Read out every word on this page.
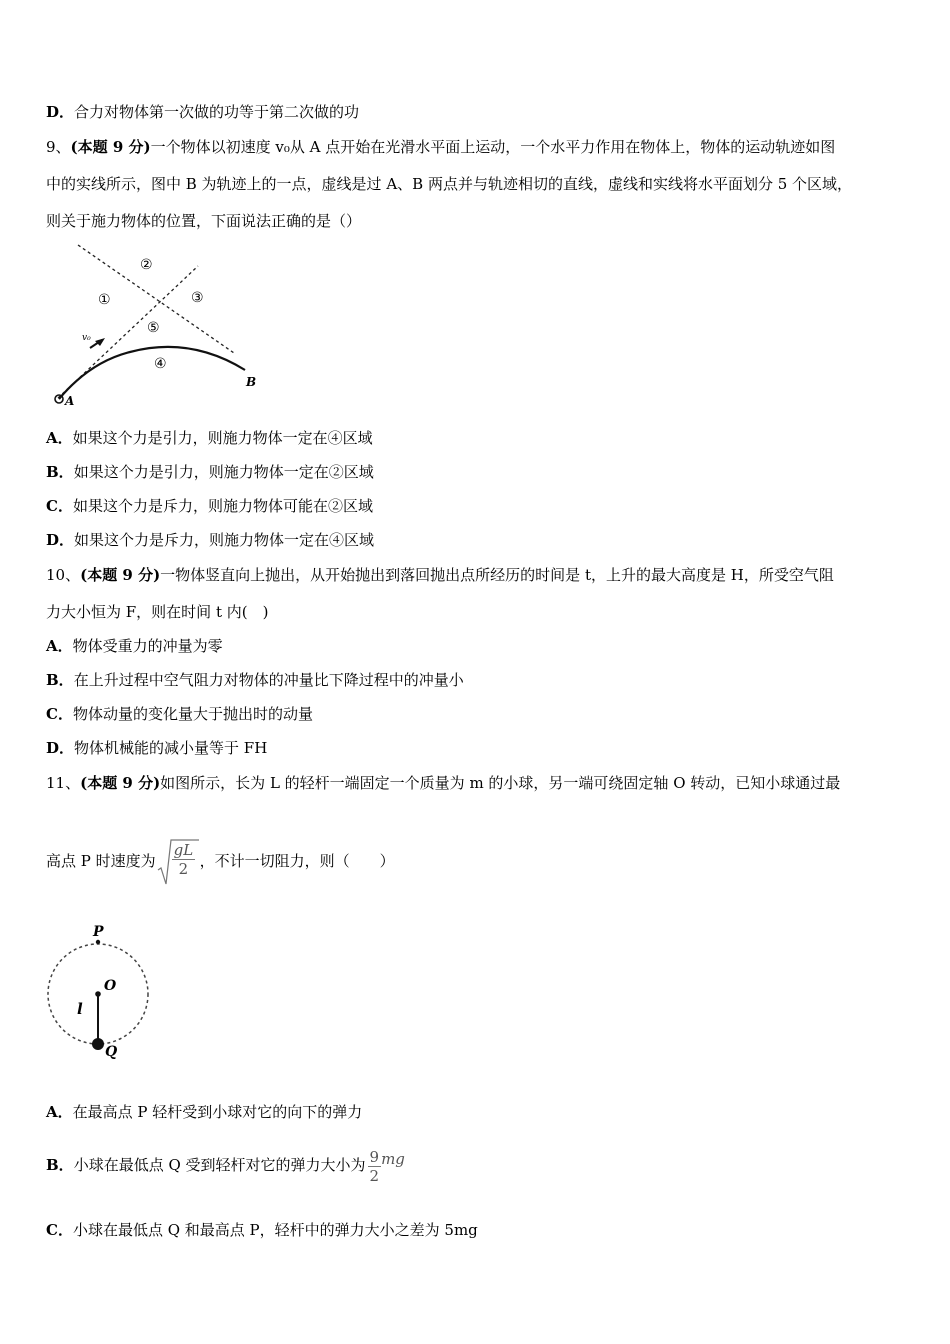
D．合力对物体第一次做的功等于第二次做的功
9、(本题 9 分)一个物体以初速度 v₀从 A 点开始在光滑水平面上运动，一个水平力作用在物体上，物体的运动轨迹如图
中的实线所示，图中 B 为轨迹上的一点，虚线是过 A、B 两点并与轨迹相切的直线，虚线和实线将水平面划分 5 个区域，
则关于施力物体的位置，下面说法正确的是（）
A
B
v₀
①
②
③
④
⑤
A．如果这个力是引力，则施力物体一定在④区域
B．如果这个力是引力，则施力物体一定在②区域
C．如果这个力是斥力，则施力物体可能在②区域
D．如果这个力是斥力，则施力物体一定在④区域
10、(本题 9 分)一物体竖直向上抛出，从开始抛出到落回抛出点所经历的时间是 t，上升的最大高度是 H，所受空气阻
力大小恒为 F，则在时间 t 内(　)
A．物体受重力的冲量为零
B．在上升过程中空气阻力对物体的冲量比下降过程中的冲量小
C．物体动量的变化量大于抛出时的动量
D．物体机械能的减小量等于 FH
11、(本题 9 分)如图所示，长为 L 的轻杆一端固定一个质量为 m 的小球，另一端可绕固定轴 O 转动，已知小球通过最
高点 P 时速度为 $\frac{gL}{2}$ ，不计一切阻力，则（　　）
P
O
l
Q
A．在最高点 P 轻杆受到小球对它的向下的弹力
B．小球在最低点 Q 受到轻杆对它的弹力大小为 $\frac{9}{2}$ mg
C．小球在最低点 Q 和最高点 P，轻杆中的弹力大小之差为 5mg
